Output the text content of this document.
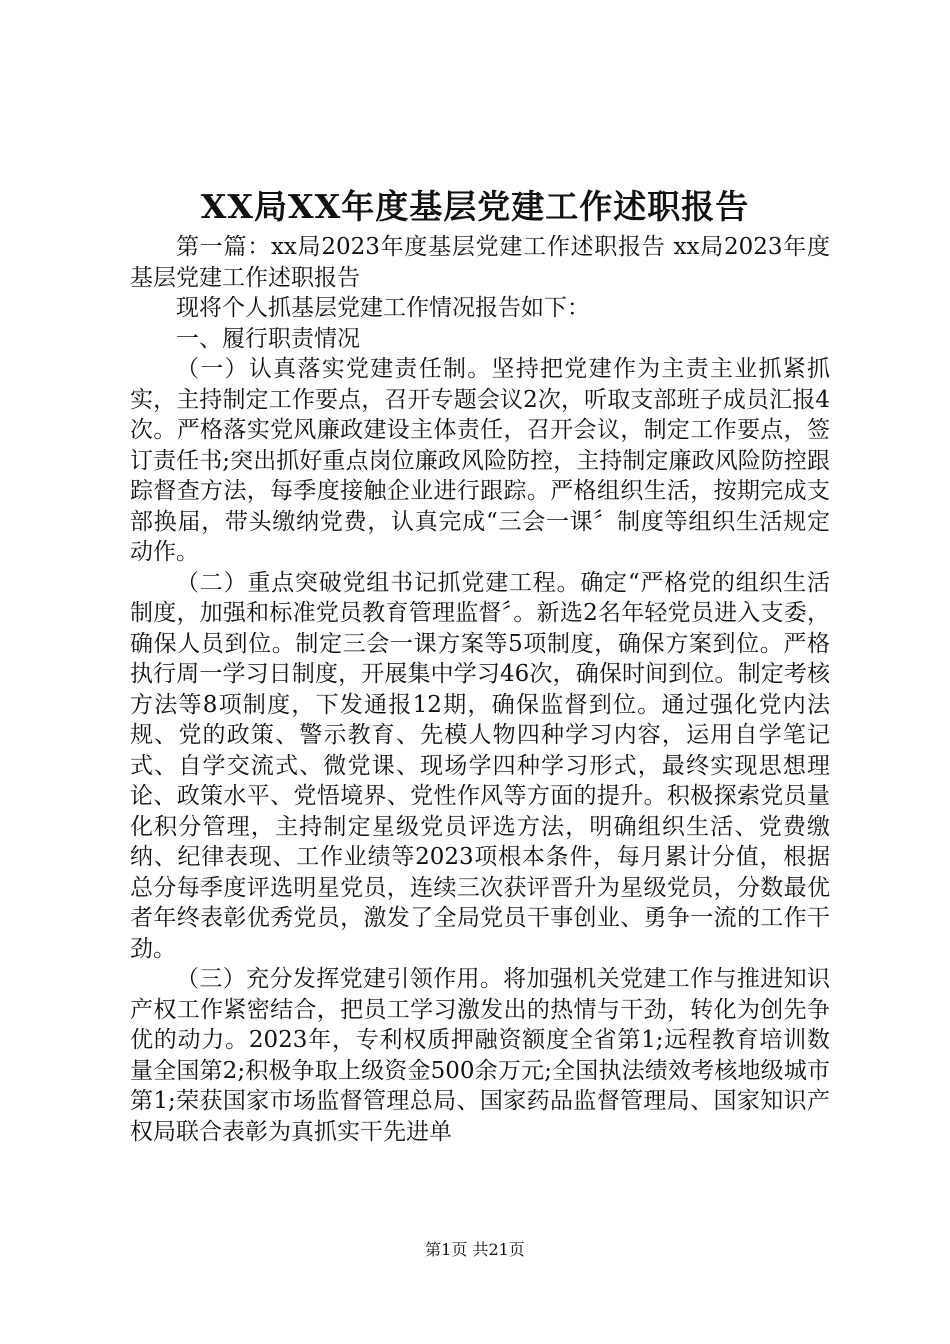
XX局XX年度基层党建工作述职报告

第一篇：xx局2023年度基层党建工作述职报告 xx局2023年度基层党建工作述职报告

现将个人抓基层党建工作情况报告如下：

一、履行职责情况

（一）认真落实党建责任制。坚持把党建作为主责主业抓紧抓实，主持制定工作要点，召开专题会议2次，听取支部班子成员汇报4次。严格落实党风廉政建设主体责任，召开会议，制定工作要点，签订责任书;突出抓好重点岗位廉政风险防控，主持制定廉政风险防控跟踪督查方法，每季度接触企业进行跟踪。严格组织生活，按期完成支部换届，带头缴纳党费，认真完成“三会一课〞制度等组织生活规定动作。

（二）重点突破党组书记抓党建工程。确定“严格党的组织生活制度，加强和标准党员教育管理监督〞。新选2名年轻党员进入支委，确保人员到位。制定三会一课方案等5项制度，确保方案到位。严格执行周一学习日制度，开展集中学习46次，确保时间到位。制定考核方法等8项制度，下发通报12期，确保监督到位。通过强化党内法规、党的政策、警示教育、先模人物四种学习内容，运用自学笔记式、自学交流式、微党课、现场学四种学习形式，最终实现思想理论、政策水平、党悟境界、党性作风等方面的提升。积极探索党员量化积分管理，主持制定星级党员评选方法，明确组织生活、党费缴纳、纪律表现、工作业绩等2023项根本条件，每月累计分值，根据总分每季度评选明星党员，连续三次获评晋升为星级党员，分数最优者年终表彰优秀党员，激发了全局党员干事创业、勇争一流的工作干劲。

（三）充分发挥党建引领作用。将加强机关党建工作与推进知识产权工作紧密结合，把员工学习激发出的热情与干劲，转化为创先争优的动力。2023年，专利权质押融资额度全省第1;远程教育培训数量全国第2;积极争取上级资金500余万元;全国执法绩效考核地级城市第1;荣获国家市场监督管理总局、国家药品监督管理局、国家知识产权局联合表彰为真抓实干先进单

第1页 共21页
